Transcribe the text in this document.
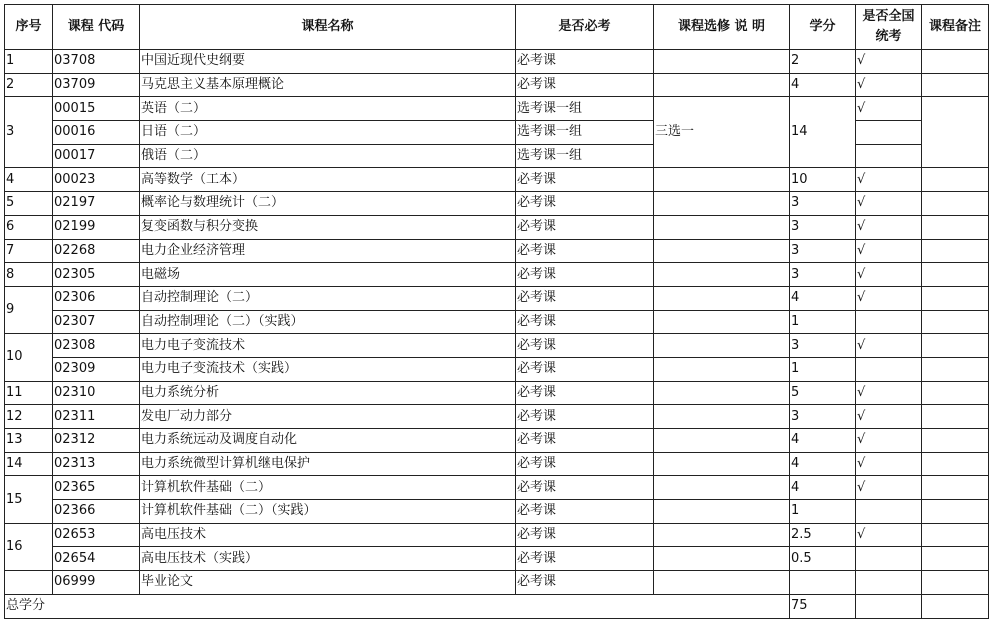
序号	课程 代码	课程名称	是否必考	课程选修 说 明	学分	是否全国统考	课程备注
1	03708	中国近现代史纲要	必考课		2	√	
2	03709	马克思主义基本原理概论	必考课		4	√	
3	00015	英语（二）	选考课一组	三选一	14	√	
	00016	日语（二）	选考课一组				
	00017	俄语（二）	选考课一组				
4	00023	高等数学（工本）	必考课		10	√	
5	02197	概率论与数理统计（二）	必考课		3	√	
6	02199	复变函数与积分变换	必考课		3	√	
7	02268	电力企业经济管理	必考课		3	√	
8	02305	电磁场	必考课		3	√	
9	02306	自动控制理论（二）	必考课		4	√	
	02307	自动控制理论（二）（实践）	必考课		1		
10	02308	电力电子变流技术	必考课		3	√	
	02309	电力电子变流技术（实践）	必考课		1		
11	02310	电力系统分析	必考课		5	√	
12	02311	发电厂动力部分	必考课		3	√	
13	02312	电力系统远动及调度自动化	必考课		4	√	
14	02313	电力系统微型计算机继电保护	必考课		4	√	
15	02365	计算机软件基础（二）	必考课		4	√	
	02366	计算机软件基础（二）（实践）	必考课		1		
16	02653	高电压技术	必考课		2.5	√	
	02654	高电压技术（实践）	必考课		0.5		
	06999	毕业论文	必考课				
总学分					75		
